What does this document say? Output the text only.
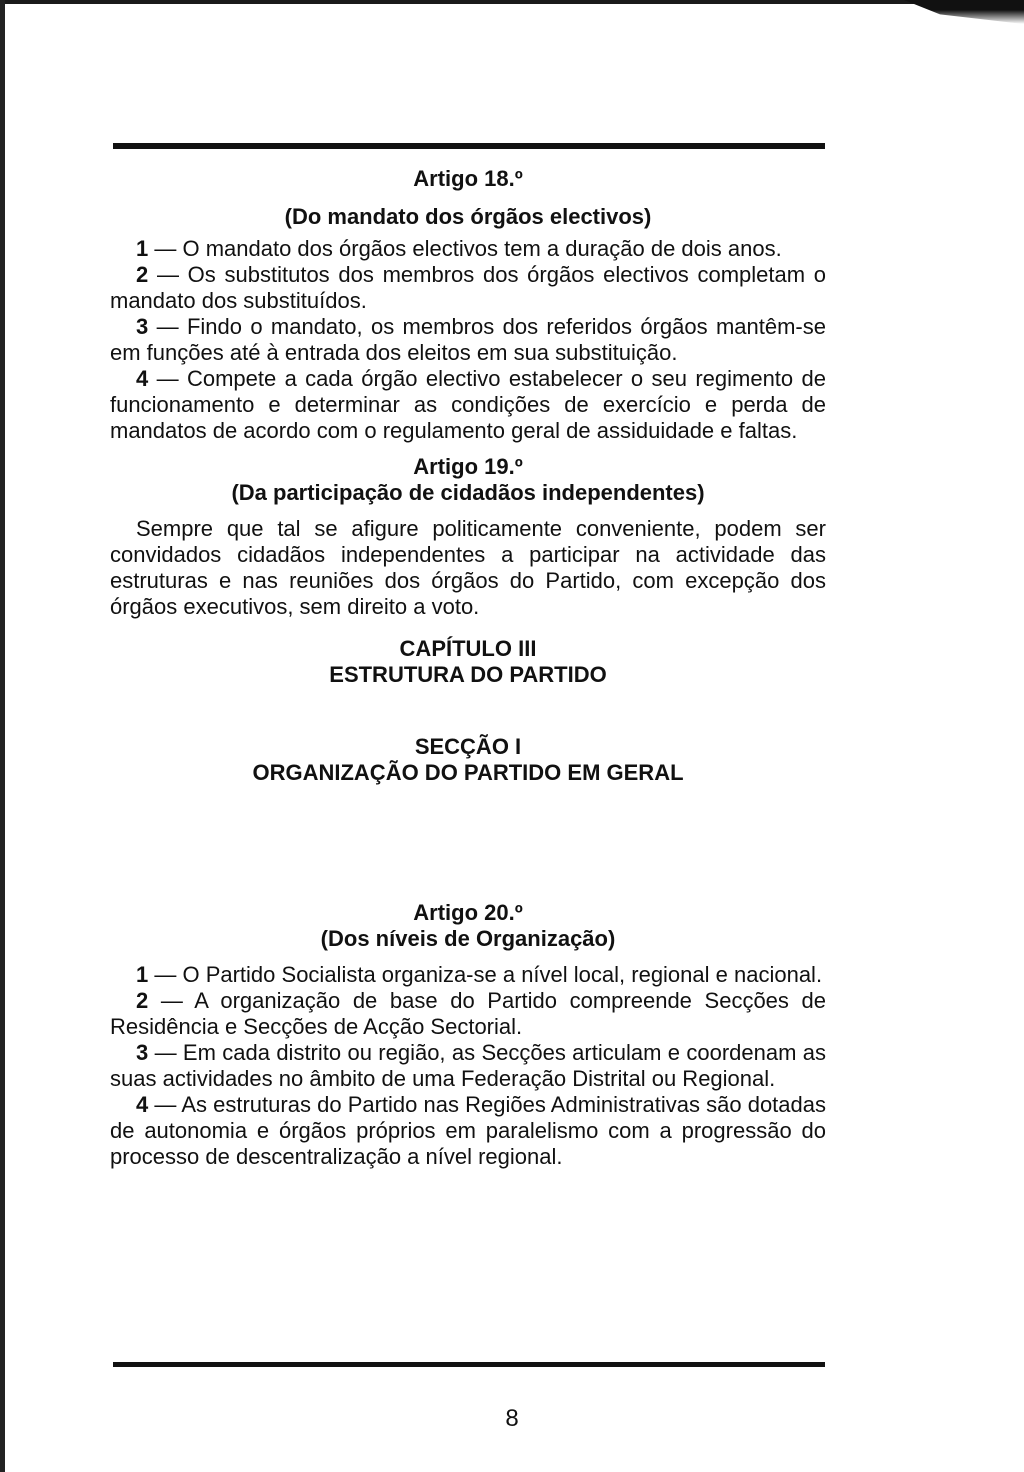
Artigo 18.º
(Do mandato dos órgãos electivos)
1 — O mandato dos órgãos electivos tem a duração de dois anos.
2 — Os substitutos dos membros dos órgãos electivos completam o mandato dos substituídos.
3 — Findo o mandato, os membros dos referidos órgãos mantêm-se em funções até à entrada dos eleitos em sua substituição.
4 — Compete a cada órgão electivo estabelecer o seu regimento de funcionamento e determinar as condições de exercício e perda de mandatos de acordo com o regulamento geral de assiduidade e faltas.
Artigo 19.º
(Da participação de cidadãos independentes)
Sempre que tal se afigure politicamente conveniente, podem ser convidados cidadãos independentes a participar na actividade das estruturas e nas reuniões dos órgãos do Partido, com excepção dos órgãos executivos, sem direito a voto.
CAPÍTULO III
ESTRUTURA DO PARTIDO
SECÇÃO I
ORGANIZAÇÃO DO PARTIDO EM GERAL
Artigo 20.º
(Dos níveis de Organização)
1 — O Partido Socialista organiza-se a nível local, regional e nacional.
2 — A organização de base do Partido compreende Secções de Residência e Secções de Acção Sectorial.
3 — Em cada distrito ou região, as Secções articulam e coordenam as suas actividades no âmbito de uma Federação Distrital ou Regional.
4 — As estruturas do Partido nas Regiões Administrativas são dotadas de autonomia e órgãos próprios em paralelismo com a progressão do processo de descentralização a nível regional.
8
